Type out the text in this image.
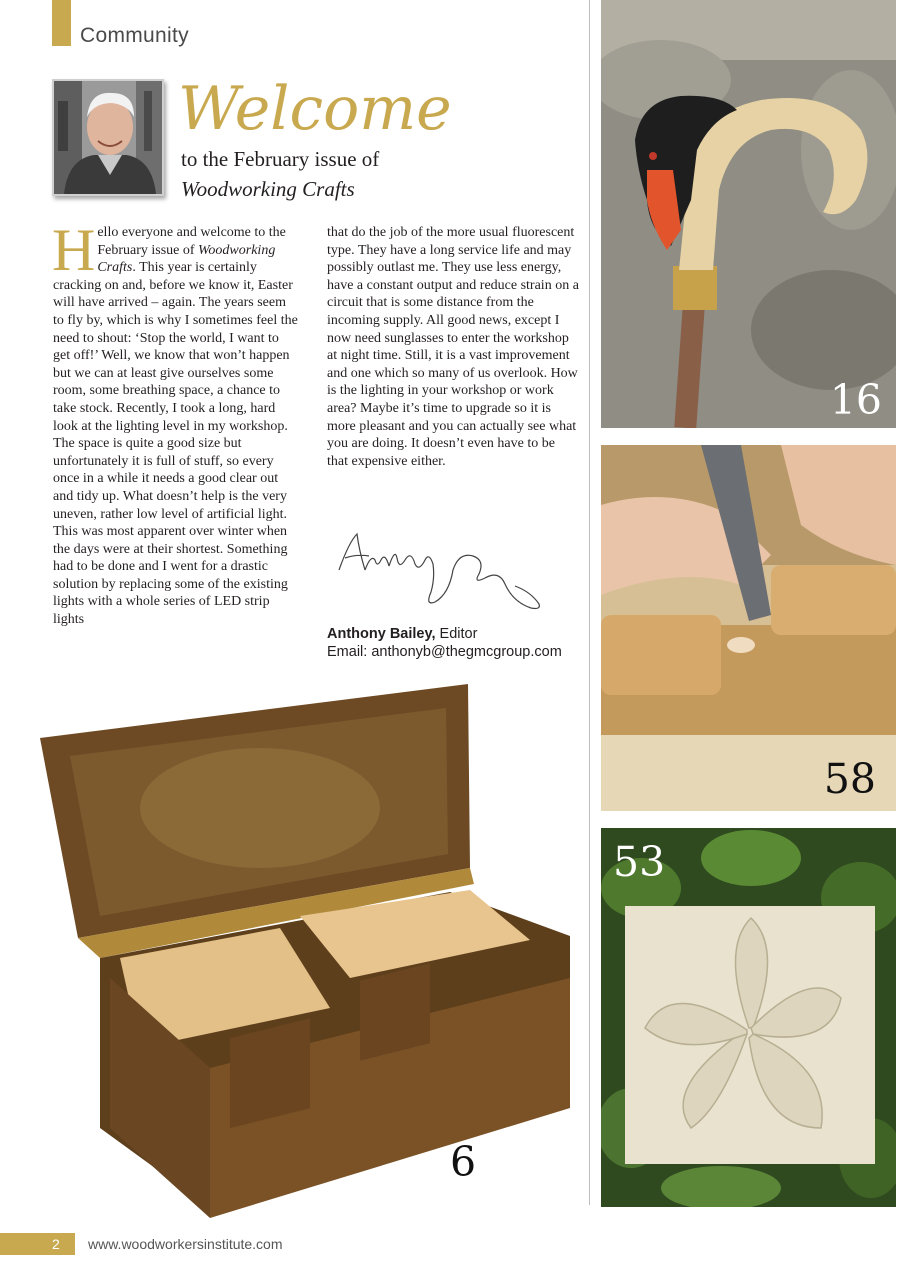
Community
Welcome
to the February issue of
Woodworking Crafts

Hello everyone and welcome to the February issue of Woodworking Crafts. This year is certainly cracking on and, before we know it, Easter will have arrived – again. The years seem to fly by, which is why I sometimes feel the need to shout: ‘Stop the world, I want to get off!’ Well, we know that won’t happen but we can at least give ourselves some room, some breathing space, a chance to take stock. Recently, I took a long, hard look at the lighting level in my workshop. The space is quite a good size but unfortunately it is full of stuff, so every once in a while it needs a good clear out and tidy up. What doesn’t help is the very uneven, rather low level of artificial light. This was most apparent over winter when the days were at their shortest. Something had to be done and I went for a drastic solution by replacing some of the existing lights with a whole series of LED strip lights

that do the job of the more usual fluorescent type. They have a long service life and may possibly outlast me. They use less energy, have a constant output and reduce strain on a circuit that is some distance from the incoming supply. All good news, except I now need sunglasses to enter the workshop at night time. Still, it is a vast improvement and one which so many of us overlook. How is the lighting in your workshop or work area? Maybe it’s time to upgrade so it is more pleasant and you can actually see what you are doing. It doesn’t even have to be that expensive either.

Anthony Bailey, Editor
Email: anthonyb@thegmcgroup.com
16
58
53
6
2 www.woodworkersinstitute.com
